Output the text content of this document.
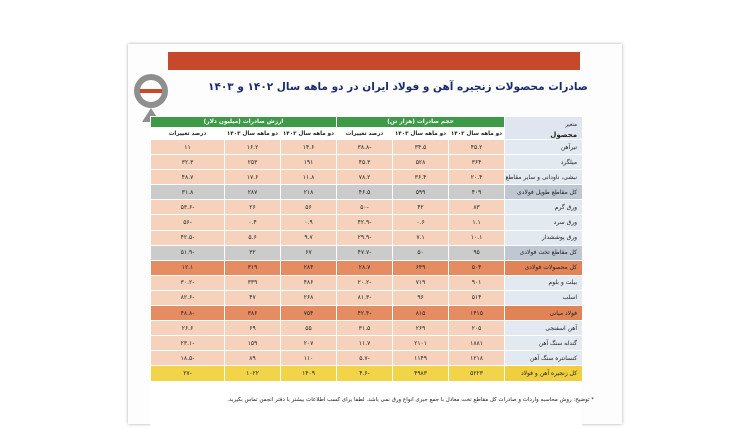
صادرات محصولات زنجیره آهن و فولاد ایران در دو ماهه سال ۱۴۰۲ و ۱۴۰۳
متغیر
محصول	حجم صادرات (هزار تن)			ارزش صادرات (میلیون دلار)		
	دو ماهه سال ۱۴۰۲	دو ماهه سال ۱۴۰۳	درصد تغییرات	دو ماهه سال ۱۴۰۲	دو ماهه سال ۱۴۰۳	درصد تغییرات
تیرآهن	۴۵.۲	۳۴.۵	-۳۸.۸	۱۴.۶	۱۶.۲	۱۱
میلگرد	۳۶۴	۵۲۸	۴۵.۳	۱۹۱	۲۵۳	۳۲.۳
نبشی، ناودانی و سایر مقاطع	۲۰.۴	۳۶.۴	۷۸.۲	۱۱.۸	۱۷.۶	۴۸.۷
کل مقاطع طویل فولادی	۴۰۹	۵۹۹	۴۶.۵	۲۱۸	۲۸۷	۳۱.۸
ورق گرم	۸۳	۴۲	-۵۰	۵۶	۲۶	-۵۳.۶
ورق سرد	۱.۱	۰.۶	-۴۲.۹	۰.۹	۰.۴	-۵۶
ورق پوششدار	۱۰.۱	۷.۱	-۲۹.۹	۹.۷	۵.۶	-۴۲.۵
کل مقاطع تخت فولادی	۹۵	۵۰	-۴۷.۷	۶۷	۳۲	-۵۱.۹
کل محصولات فولادی	۵۰۴	۶۴۹	۲۸.۷	۲۸۴	۳۱۹	۱۲.۱
بیلت و بلوم	۹۰۱	۷۱۹	-۲۰.۲	۴۸۶	۳۳۹	-۳۰.۲
اسلب	۵۱۴	۹۶	-۸۱.۳	۲۶۸	۴۷	-۸۲.۶
فولاد میانی	۱۴۱۵	۸۱۵	-۴۲.۴	۷۵۴	۳۸۶	-۴۸.۸
آهن اسفنجی	۲۰۵	۲۶۹	۳۱.۵	۵۵	۶۹	۲۶.۶
گندله سنگ آهن	۱۸۸۱	۲۱۰۱	۱۱.۷	۲۰۷	۱۵۹	-۲۳.۱
کنسانتره سنگ آهن	۱۲۱۸	۱۱۴۹	-۵.۷	۱۱۰	۸۹	-۱۸.۵
کل زنجیره آهن و فولاد	۵۲۲۳	۴۹۸۳	-۴.۶	۱۴۰۹	۱۰۲۲	-۲۷
* توضیح: روش محاسبه واردات و صادرات کل مقاطع تخت معادل با جمع جبری انواع ورق نمی باشد. لطفا برای کسب اطلاعات بیشتر با دفتر انجمن تماس بگیرید.
